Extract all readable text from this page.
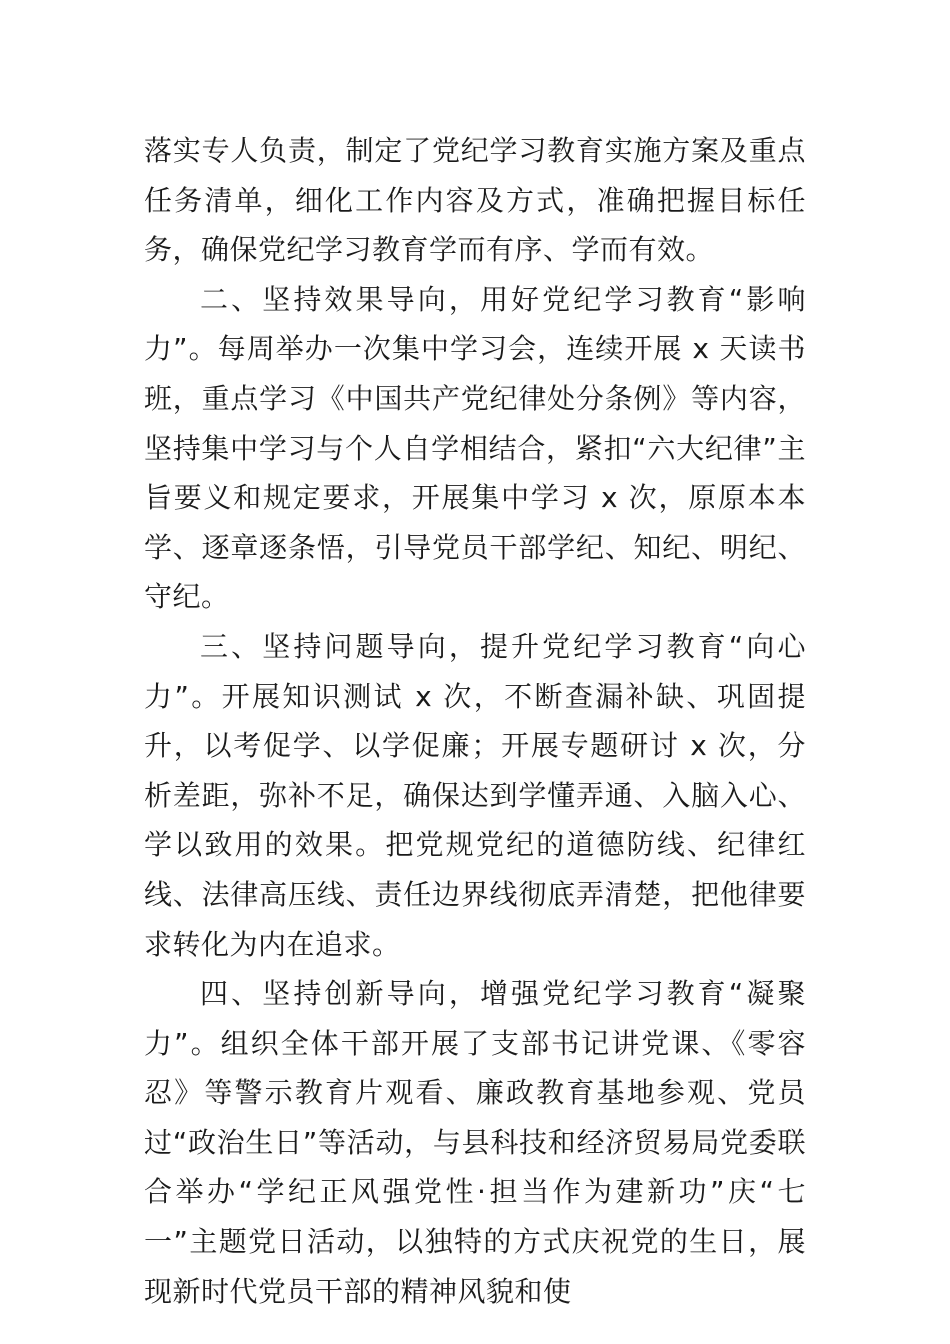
落实专人负责，制定了党纪学习教育实施方案及重点任务清单，细化工作内容及方式，准确把握目标任务，确保党纪学习教育学而有序、学而有效。

二、坚持效果导向，用好党纪学习教育“影响力”。每周举办一次集中学习会，连续开展 x 天读书班，重点学习《中国共产党纪律处分条例》等内容，坚持集中学习与个人自学相结合，紧扣“六大纪律”主旨要义和规定要求，开展集中学习 x 次，原原本本学、逐章逐条悟，引导党员干部学纪、知纪、明纪、守纪。

三、坚持问题导向，提升党纪学习教育“向心力”。开展知识测试 x 次，不断查漏补缺、巩固提升，以考促学、以学促廉；开展专题研讨 x 次，分析差距，弥补不足，确保达到学懂弄通、入脑入心、学以致用的效果。把党规党纪的道德防线、纪律红线、法律高压线、责任边界线彻底弄清楚，把他律要求转化为内在追求。

四、坚持创新导向，增强党纪学习教育“凝聚力”。组织全体干部开展了支部书记讲党课、《零容忍》等警示教育片观看、廉政教育基地参观、党员过“政治生日”等活动，与县科技和经济贸易局党委联合举办“学纪正风强党性·担当作为建新功”庆“七一”主题党日活动，以独特的方式庆祝党的生日，展现新时代党员干部的精神风貌和使
